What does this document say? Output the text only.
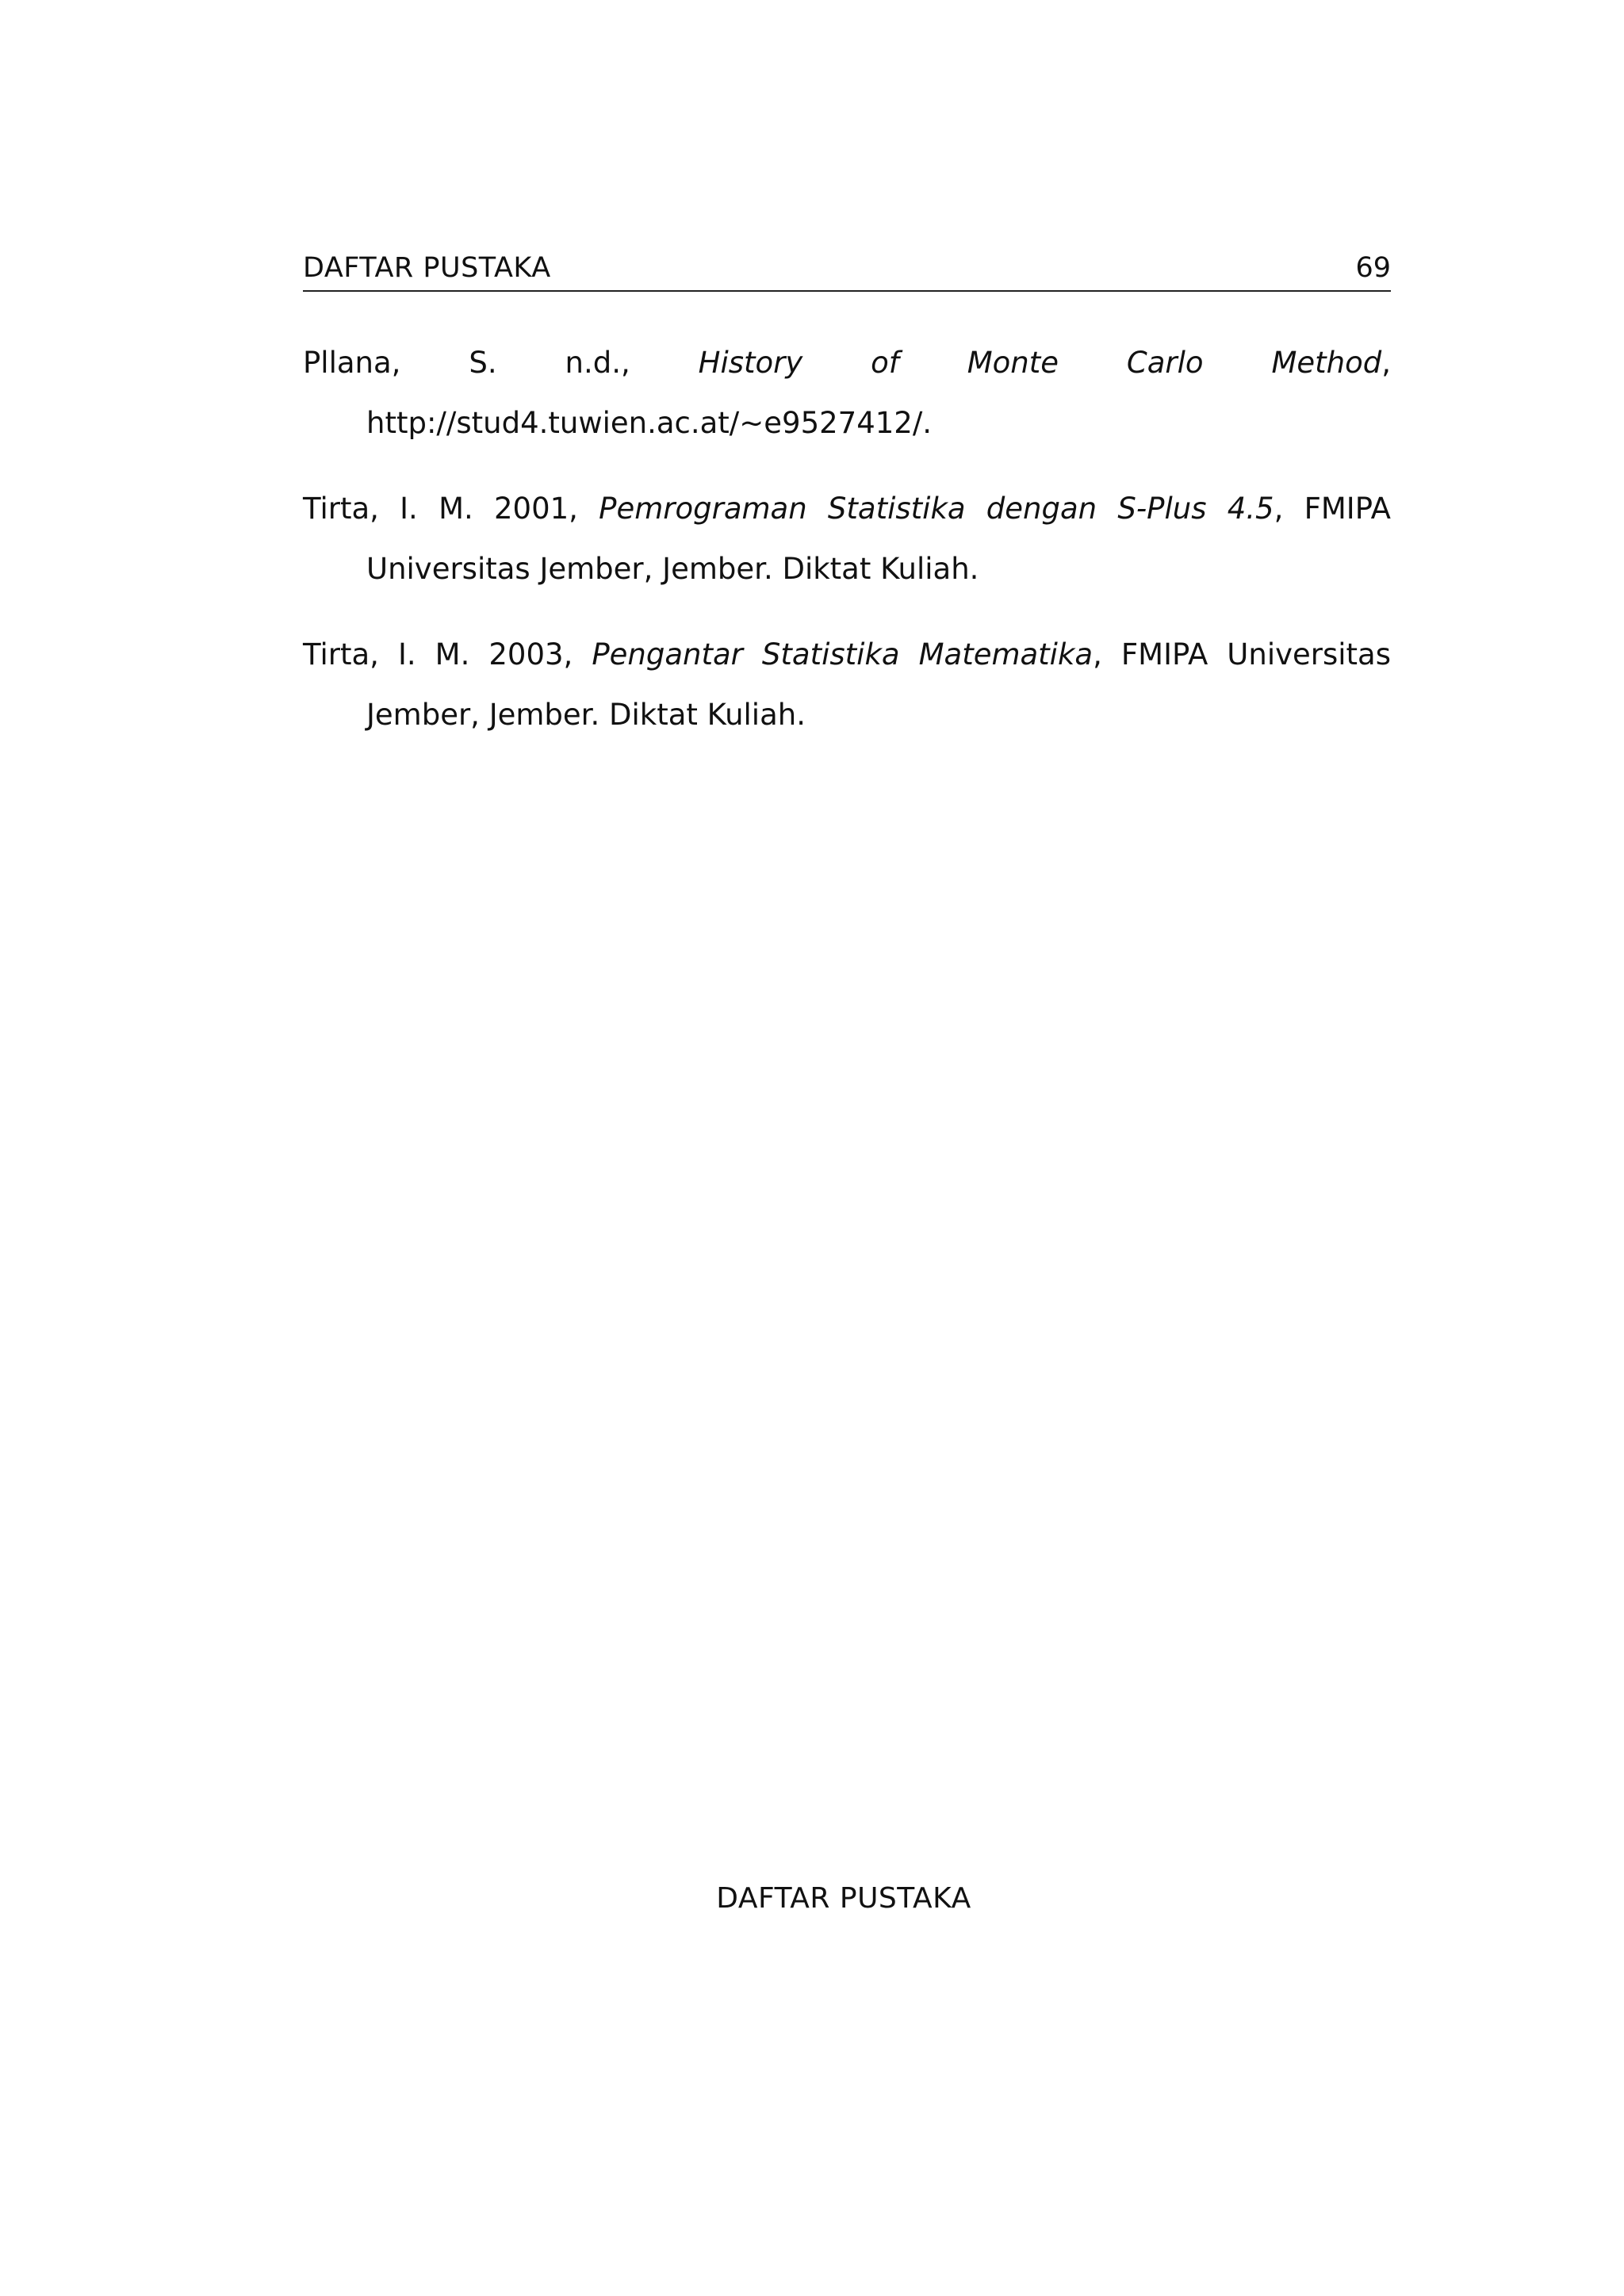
DAFTAR PUSTAKA	69

Pllana, S. n.d., History of Monte Carlo Method,
http://stud4.tuwien.ac.at/∼e9527412/.

Tirta, I. M. 2001, Pemrograman Statistika dengan S-Plus 4.5, FMIPA Universitas Jember, Jember. Diktat Kuliah.

Tirta, I. M. 2003, Pengantar Statistika Matematika, FMIPA Universitas Jember, Jember. Diktat Kuliah.

DAFTAR PUSTAKA
